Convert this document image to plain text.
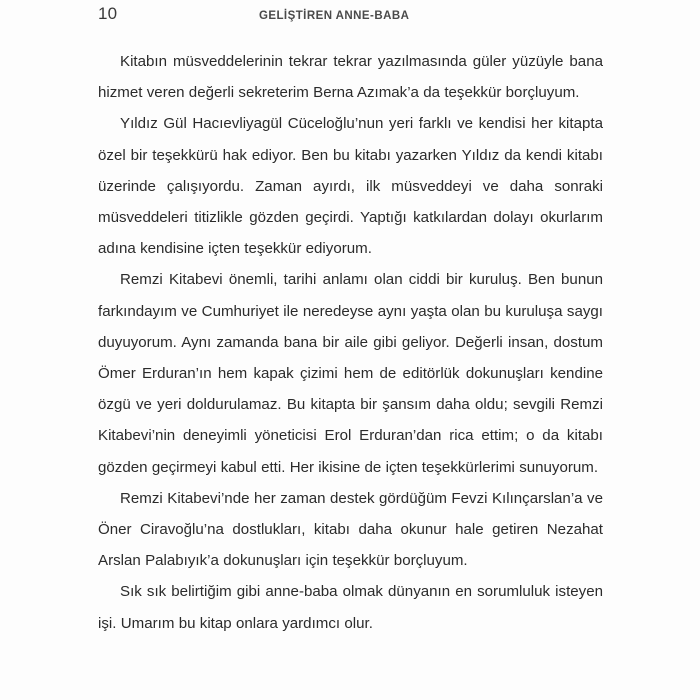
10	GELİŞTİREN ANNE-BABA

Kitabın müsveddelerinin tekrar tekrar yazılmasında güler yüzüyle bana hizmet veren değerli sekreterim Berna Azımak’a da teşekkür borçluyum.

Yıldız Gül Hacıevliyagül Cüceloğlu’nun yeri farklı ve kendisi her kitapta özel bir teşekkürü hak ediyor. Ben bu kitabı yazarken Yıldız da kendi kitabı üzerinde çalışıyordu. Zaman ayırdı, ilk müsveddeyi ve daha sonraki müsveddeleri titizlikle gözden geçirdi. Yaptığı katkılardan dolayı okurlarım adına kendisine içten teşekkür ediyorum.

Remzi Kitabevi önemli, tarihi anlamı olan ciddi bir kuruluş. Ben bunun farkındayım ve Cumhuriyet ile neredeyse aynı yaşta olan bu kuruluşa saygı duyuyorum. Aynı zamanda bana bir aile gibi geliyor. Değerli insan, dostum Ömer Erduran’ın hem kapak çizimi hem de editörlük dokunuşları kendine özgü ve yeri doldurulamaz. Bu kitapta bir şansım daha oldu; sevgili Remzi Kitabevi’nin deneyimli yöneticisi Erol Erduran’dan rica ettim; o da kitabı gözden geçirmeyi kabul etti. Her ikisine de içten teşekkürlerimi sunuyorum.

Remzi Kitabevi’nde her zaman destek gördüğüm Fevzi Kılınçarslan’a ve Öner Ciravoğlu’na dostlukları, kitabı daha okunur hale getiren Nezahat Arslan Palabıyık’a dokunuşları için teşekkür borçluyum.

Sık sık belirtiğim gibi anne-baba olmak dünyanın en sorumluluk isteyen işi. Umarım bu kitap onlara yardımcı olur.
